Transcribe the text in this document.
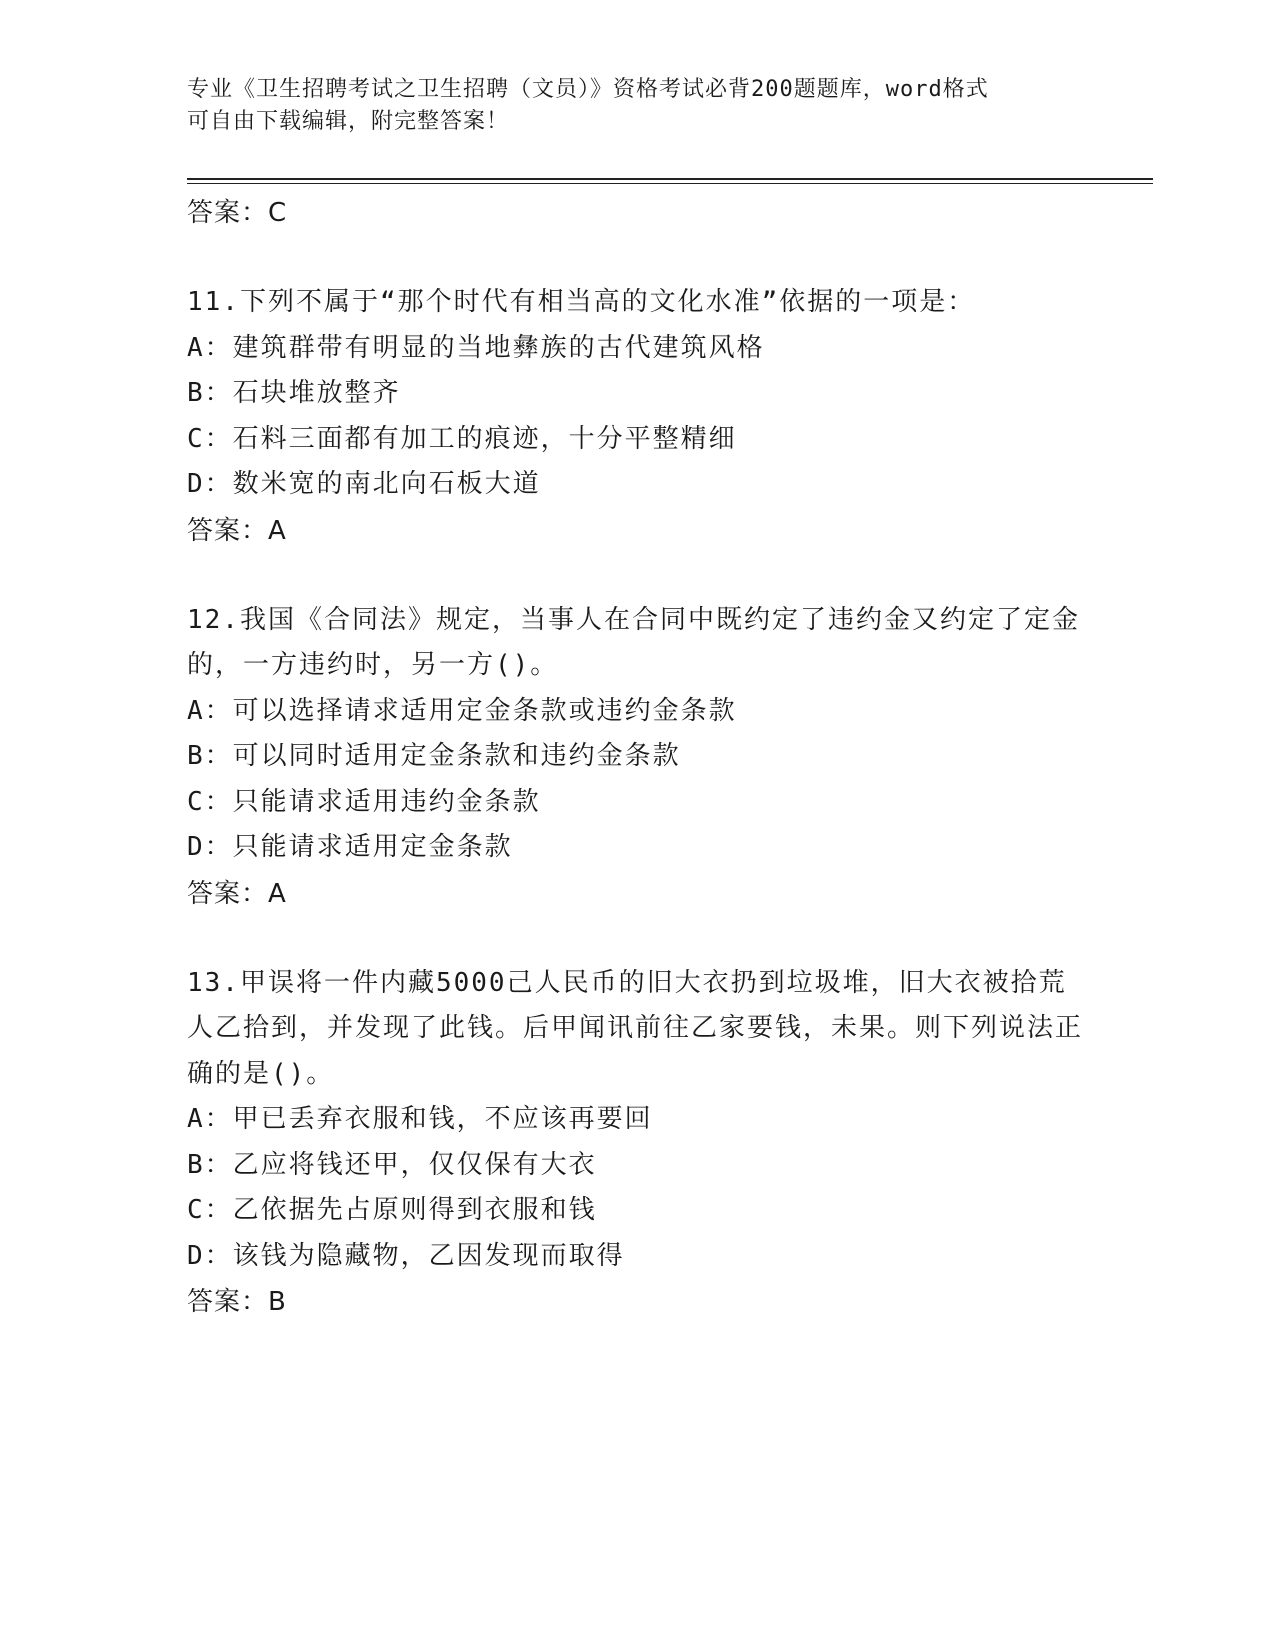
专业《卫生招聘考试之卫生招聘（文员）》资格考试必背200题题库，word格式
可自由下载编辑，附完整答案！
答案：C
11.下列不属于“那个时代有相当高的文化水准”依据的一项是：
A：建筑群带有明显的当地彝族的古代建筑风格
B：石块堆放整齐
C：石料三面都有加工的痕迹，十分平整精细
D：数米宽的南北向石板大道
答案：A
12.我国《合同法》规定，当事人在合同中既约定了违约金又约定了定金的，一方违约时，另一方()。
A：可以选择请求适用定金条款或违约金条款
B：可以同时适用定金条款和违约金条款
C：只能请求适用违约金条款
D：只能请求适用定金条款
答案：A
13.甲误将一件内藏5000己人民币的旧大衣扔到垃圾堆，旧大衣被拾荒人乙拾到，并发现了此钱。后甲闻讯前往乙家要钱，未果。则下列说法正确的是()。
A：甲已丢弃衣服和钱，不应该再要回
B：乙应将钱还甲，仅仅保有大衣
C：乙依据先占原则得到衣服和钱
D：该钱为隐藏物，乙因发现而取得
答案：B
